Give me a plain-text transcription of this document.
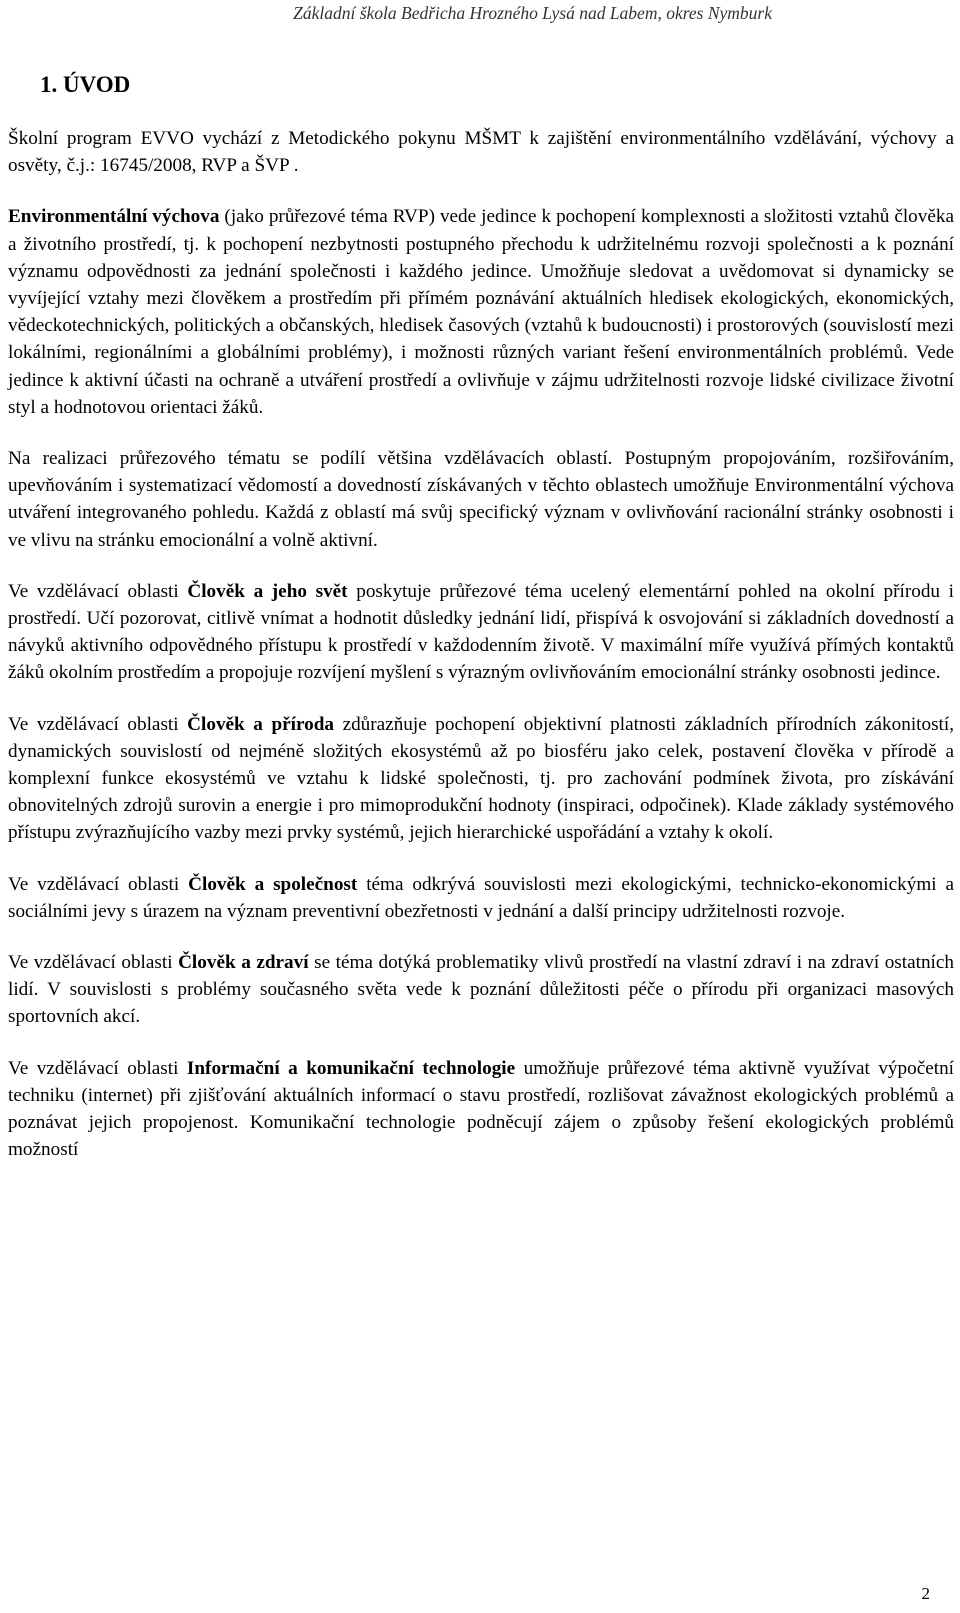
Základní škola Bedřicha Hrozného Lysá nad Labem, okres Nymburk
1. ÚVOD

Školní program EVVO vychází z Metodického pokynu MŠMT k zajištění environmentálního vzdělávání, výchovy a osvěty, č.j.: 16745/2008, RVP a ŠVP .

Environmentální výchova (jako průřezové téma RVP) vede jedince k pochopení komplexnosti a složitosti vztahů člověka a životního prostředí, tj. k pochopení nezbytnosti postupného přechodu k udržitelnému rozvoji společnosti a k poznání významu odpovědnosti za jednání společnosti i každého jedince. Umožňuje sledovat a uvědomovat si dynamicky se vyvíjející vztahy mezi člověkem a prostředím při přímém poznávání aktuálních hledisek ekologických, ekonomických, vědeckotechnických, politických a občanských, hledisek časových (vztahů k budoucnosti) i prostorových (souvislostí mezi lokálními, regionálními a globálními problémy), i možnosti různých variant řešení environmentálních problémů. Vede jedince k aktivní účasti na ochraně a utváření prostředí a ovlivňuje v zájmu udržitelnosti rozvoje lidské civilizace životní styl a hodnotovou orientaci žáků.

Na realizaci průřezového tématu se podílí většina vzdělávacích oblastí. Postupným propojováním, rozšiřováním, upevňováním i systematizací vědomostí a dovedností získávaných v těchto oblastech umožňuje Environmentální výchova utváření integrovaného pohledu. Každá z oblastí má svůj specifický význam v ovlivňování racionální stránky osobnosti i ve vlivu na stránku emocionální a volně aktivní.

Ve vzdělávací oblasti Člověk a jeho svět poskytuje průřezové téma ucelený elementární pohled na okolní přírodu i prostředí. Učí pozorovat, citlivě vnímat a hodnotit důsledky jednání lidí, přispívá k osvojování si základních dovedností a návyků aktivního odpovědného přístupu k prostředí v každodenním životě. V maximální míře využívá přímých kontaktů žáků okolním prostředím a propojuje rozvíjení myšlení s výrazným ovlivňováním emocionální stránky osobnosti jedince.

Ve vzdělávací oblasti Člověk a příroda zdůrazňuje pochopení objektivní platnosti základních přírodních zákonitostí, dynamických souvislostí od nejméně složitých ekosystémů až po biosféru jako celek, postavení člověka v přírodě a komplexní funkce ekosystémů ve vztahu k lidské společnosti, tj. pro zachování podmínek života, pro získávání obnovitelných zdrojů surovin a energie i pro mimoprodukční hodnoty (inspiraci, odpočinek). Klade základy systémového přístupu zvýrazňujícího vazby mezi prvky systémů, jejich hierarchické uspořádání a vztahy k okolí.

Ve vzdělávací oblasti Člověk a společnost téma odkrývá souvislosti mezi ekologickými, technicko-ekonomickými a sociálními jevy s úrazem na význam preventivní obezřetnosti v jednání a další principy udržitelnosti rozvoje.

Ve vzdělávací oblasti Člověk a zdraví se téma dotýká problematiky vlivů prostředí na vlastní zdraví i na zdraví ostatních lidí. V souvislosti s problémy současného světa vede k poznání důležitosti péče o přírodu při organizaci masových sportovních akcí.

Ve vzdělávací oblasti Informační a komunikační technologie umožňuje průřezové téma aktivně využívat výpočetní techniku (internet) při zjišťování aktuálních informací o stavu prostředí, rozlišovat závažnost ekologických problémů a poznávat jejich propojenost. Komunikační technologie podněcují zájem o způsoby řešení ekologických problémů možností

2
